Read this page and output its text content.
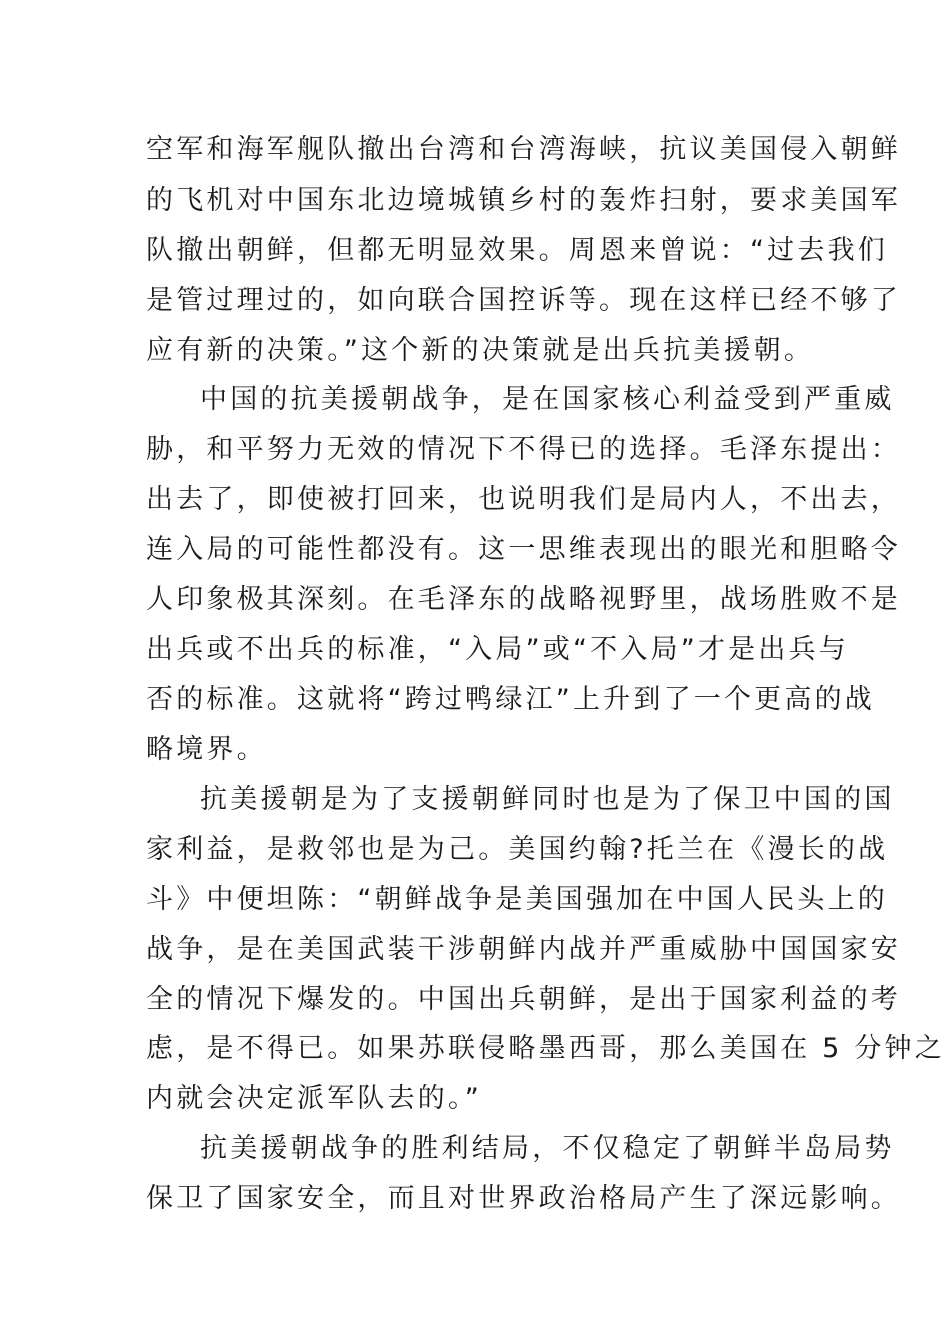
空军和海军舰队撤出台湾和台湾海峡，抗议美国侵入朝鲜
的飞机对中国东北边境城镇乡村的轰炸扫射，要求美国军
队撤出朝鲜，但都无明显效果。周恩来曾说：“过去我们
是管过理过的，如向联合国控诉等。现在这样已经不够了
应有新的决策。”这个新的决策就是出兵抗美援朝。
中国的抗美援朝战争，是在国家核心利益受到严重威
胁，和平努力无效的情况下不得已的选择。毛泽东提出：
出去了，即使被打回来，也说明我们是局内人，不出去，
连入局的可能性都没有。这一思维表现出的眼光和胆略令
人印象极其深刻。在毛泽东的战略视野里，战场胜败不是
出兵或不出兵的标准，“入局”或“不入局”才是出兵与
否的标准。这就将“跨过鸭绿江”上升到了一个更高的战
略境界。
抗美援朝是为了支援朝鲜同时也是为了保卫中国的国
家利益，是救邻也是为己。美国约翰?托兰在《漫长的战
斗》中便坦陈：“朝鲜战争是美国强加在中国人民头上的
战争，是在美国武装干涉朝鲜内战并严重威胁中国国家安
全的情况下爆发的。中国出兵朝鲜，是出于国家利益的考
虑，是不得已。如果苏联侵略墨西哥，那么美国在 5 分钟之
内就会决定派军队去的。”
抗美援朝战争的胜利结局，不仅稳定了朝鲜半岛局势
保卫了国家安全，而且对世界政治格局产生了深远影响。
